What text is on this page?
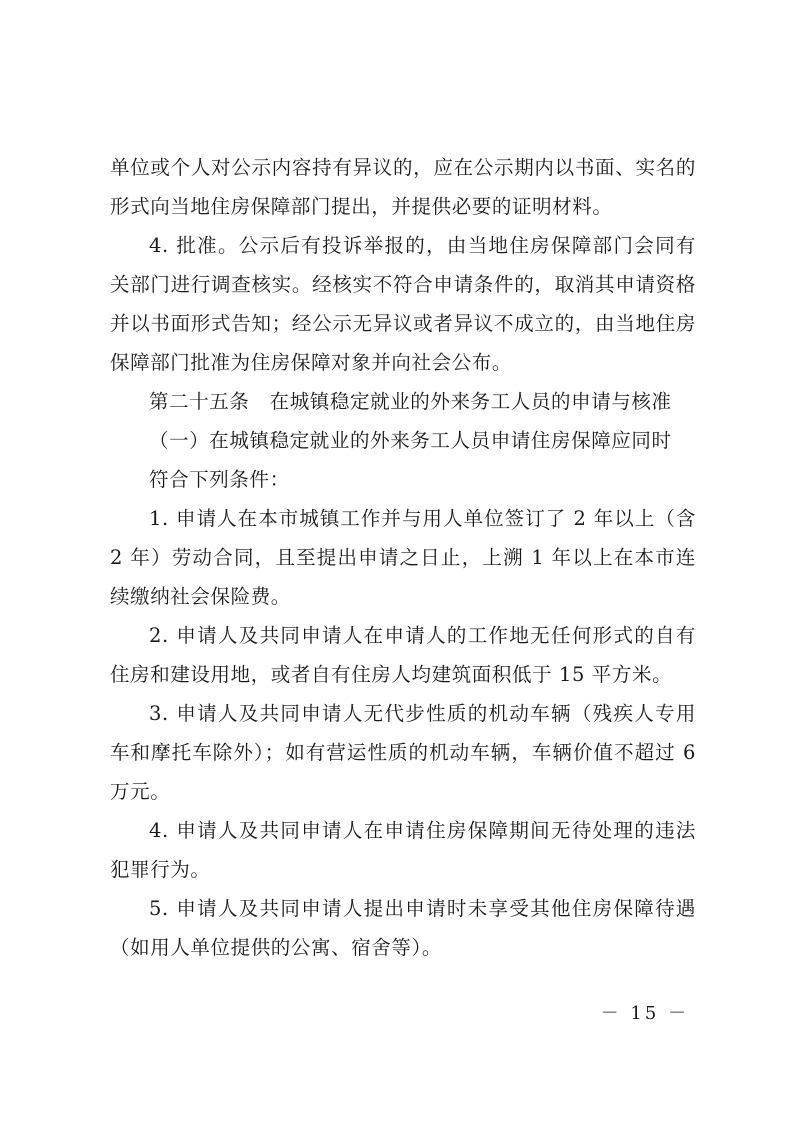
单位或个人对公示内容持有异议的，应在公示期内以书面、实名的形式向当地住房保障部门提出，并提供必要的证明材料。

4. 批准。公示后有投诉举报的，由当地住房保障部门会同有关部门进行调查核实。经核实不符合申请条件的，取消其申请资格并以书面形式告知；经公示无异议或者异议不成立的，由当地住房保障部门批准为住房保障对象并向社会公布。

第二十五条　在城镇稳定就业的外来务工人员的申请与核准

（一）在城镇稳定就业的外来务工人员申请住房保障应同时

符合下列条件：

1. 申请人在本市城镇工作并与用人单位签订了 2 年以上（含 2 年）劳动合同，且至提出申请之日止，上溯 1 年以上在本市连续缴纳社会保险费。

2. 申请人及共同申请人在申请人的工作地无任何形式的自有住房和建设用地，或者自有住房人均建筑面积低于 15 平方米。

3. 申请人及共同申请人无代步性质的机动车辆（残疾人专用车和摩托车除外）；如有营运性质的机动车辆，车辆价值不超过 6 万元。

4. 申请人及共同申请人在申请住房保障期间无待处理的违法犯罪行为。

5. 申请人及共同申请人提出申请时未享受其他住房保障待遇（如用人单位提供的公寓、宿舍等）。

－ 15 －
